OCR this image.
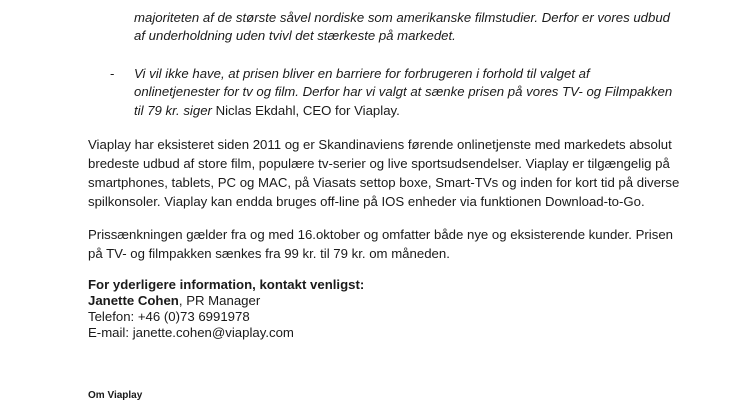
majoriteten af de største såvel nordiske som amerikanske filmstudier. Derfor er vores udbud
af underholdning uden tvivl det stærkeste på markedet.
- Vi vil ikke have, at prisen bliver en barriere for forbrugeren i forhold til valget af
onlinetjenester for tv og film. Derfor har vi valgt at sænke prisen på vores TV- og Filmpakken
til 79 kr. siger Niclas Ekdahl, CEO for Viaplay.
Viaplay har eksisteret siden 2011 og er Skandinaviens førende onlinetjenste med markedets absolut
bredeste udbud af store film, populære tv-serier og live sportsudsendelser. Viaplay er tilgængelig på
smartphones, tablets, PC og MAC, på Viasats settop boxe, Smart-TVs og inden for kort tid på diverse
spilkonsoler. Viaplay kan endda bruges off-line på IOS enheder via funktionen Download-to-Go.
Prissænkningen gælder fra og med 16.oktober og omfatter både nye og eksisterende kunder. Prisen
på TV- og filmpakken sænkes fra 99 kr. til 79 kr. om måneden.
For yderligere information, kontakt venligst:
Janette Cohen, PR Manager
Telefon: +46 (0)73 6991978
E-mail: janette.cohen@viaplay.com
Om Viaplay
